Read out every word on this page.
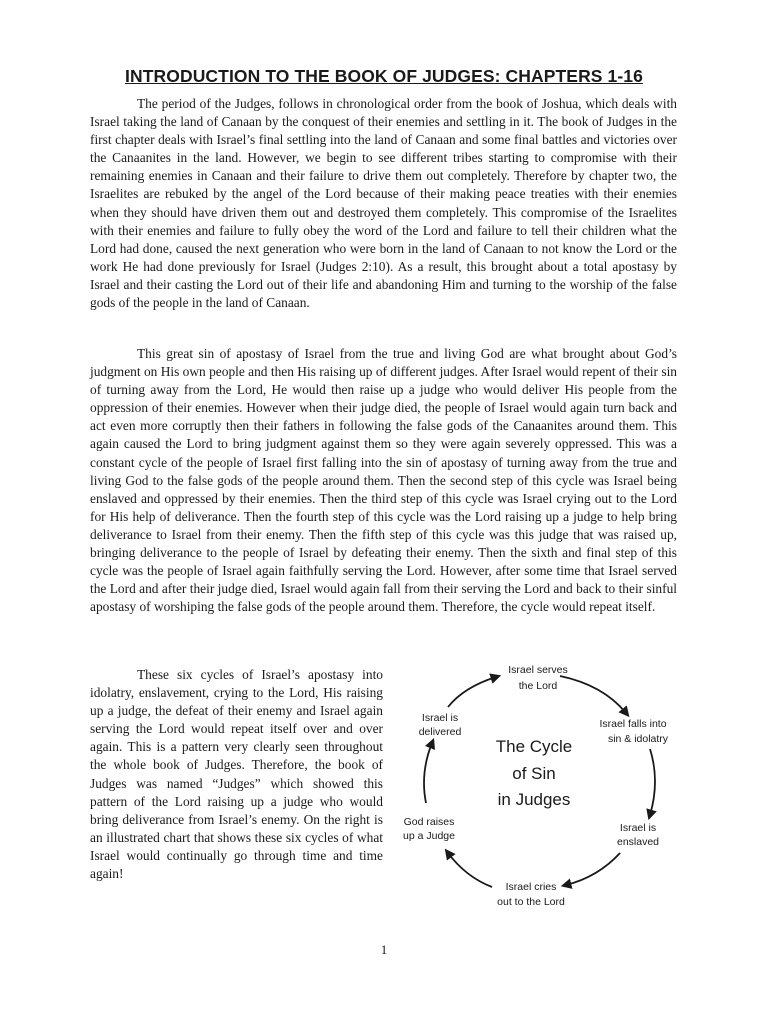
INTRODUCTION TO THE BOOK OF JUDGES: CHAPTERS 1-16

The period of the Judges, follows in chronological order from the book of Joshua, which deals with Israel taking the land of Canaan by the conquest of their enemies and settling in it. The book of Judges in the first chapter deals with Israel’s final settling into the land of Canaan and some final battles and victories over the Canaanites in the land. However, we begin to see different tribes starting to compromise with their remaining enemies in Canaan and their failure to drive them out completely. Therefore by chapter two, the Israelites are rebuked by the angel of the Lord because of their making peace treaties with their enemies when they should have driven them out and destroyed them completely. This compromise of the Israelites with their enemies and failure to fully obey the word of the Lord and failure to tell their children what the Lord had done, caused the next generation who were born in the land of Canaan to not know the Lord or the work He had done previously for Israel (Judges 2:10). As a result, this brought about a total apostasy by Israel and their casting the Lord out of their life and abandoning Him and turning to the worship of the false gods of the people in the land of Canaan.

This great sin of apostasy of Israel from the true and living God are what brought about God’s judgment on His own people and then His raising up of different judges. After Israel would repent of their sin of turning away from the Lord, He would then raise up a judge who would deliver His people from the oppression of their enemies. However when their judge died, the people of Israel would again turn back and act even more corruptly then their fathers in following the false gods of the Canaanites around them. This again caused the Lord to bring judgment against them so they were again severely oppressed. This was a constant cycle of the people of Israel first falling into the sin of apostasy of turning away from the true and living God to the false gods of the people around them. Then the second step of this cycle was Israel being enslaved and oppressed by their enemies. Then the third step of this cycle was Israel crying out to the Lord for His help of deliverance. Then the fourth step of this cycle was the Lord raising up a judge to help bring deliverance to Israel from their enemy. Then the fifth step of this cycle was this judge that was raised up, bringing deliverance to the people of Israel by defeating their enemy. Then the sixth and final step of this cycle was the people of Israel again faithfully serving the Lord. However, after some time that Israel served the Lord and after their judge died, Israel would again fall from their serving the Lord and back to their sinful apostasy of worshiping the false gods of the people around them. Therefore, the cycle would repeat itself.

These six cycles of Israel’s apostasy into idolatry, enslavement, crying to the Lord, His raising up a judge, the defeat of their enemy and Israel again serving the Lord would repeat itself over and over again. This is a pattern very clearly seen throughout the whole book of Judges. Therefore, the book of Judges was named “Judges” which showed this pattern of the Lord raising up a judge who would bring deliverance from Israel’s enemy. On the right is an illustrated chart that shows these six cycles of what Israel would continually go through time and time again!

The Cycle
of Sin
in Judges
Israel serves
the Lord
Israel falls into
sin & idolatry
Israel is
enslaved
Israel cries
out to the Lord
God raises
up a Judge
Israel is
delivered
1
